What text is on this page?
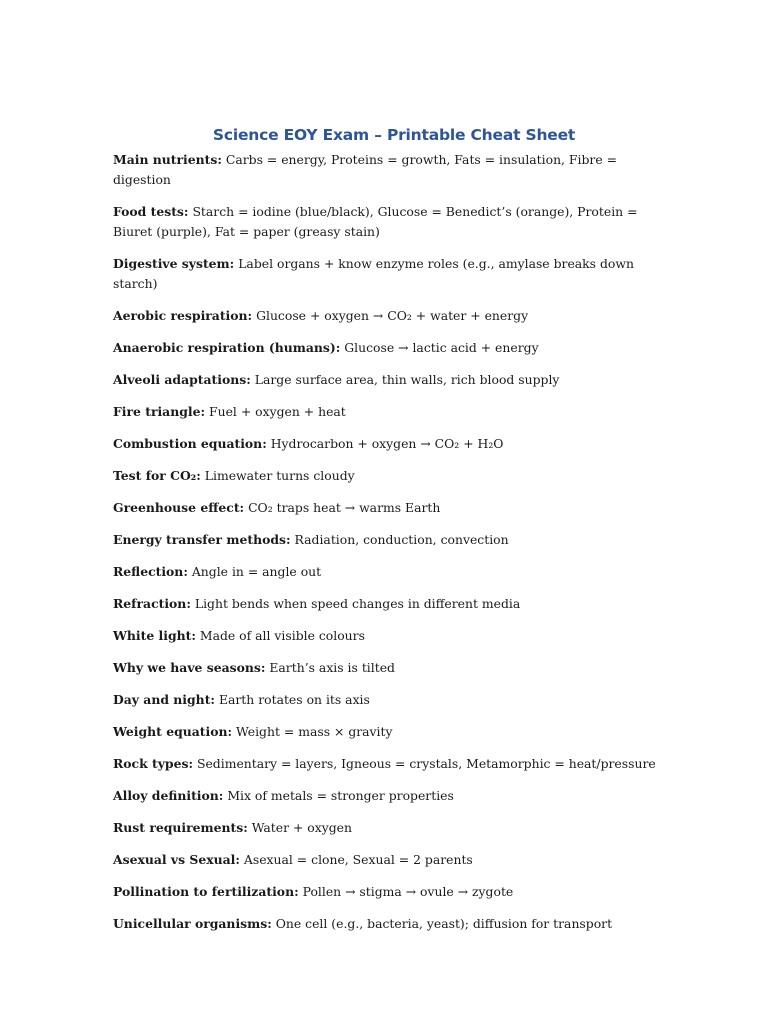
Science EOY Exam – Printable Cheat Sheet

Main nutrients: Carbs = energy, Proteins = growth, Fats = insulation, Fibre = digestion

Food tests: Starch = iodine (blue/black), Glucose = Benedict’s (orange), Protein = Biuret (purple), Fat = paper (greasy stain)

Digestive system: Label organs + know enzyme roles (e.g., amylase breaks down starch)

Aerobic respiration: Glucose + oxygen → CO₂ + water + energy

Anaerobic respiration (humans): Glucose → lactic acid + energy

Alveoli adaptations: Large surface area, thin walls, rich blood supply

Fire triangle: Fuel + oxygen + heat

Combustion equation: Hydrocarbon + oxygen → CO₂ + H₂O

Test for CO₂: Limewater turns cloudy

Greenhouse effect: CO₂ traps heat → warms Earth

Energy transfer methods: Radiation, conduction, convection

Reflection: Angle in = angle out

Refraction: Light bends when speed changes in different media

White light: Made of all visible colours

Why we have seasons: Earth’s axis is tilted

Day and night: Earth rotates on its axis

Weight equation: Weight = mass × gravity

Rock types: Sedimentary = layers, Igneous = crystals, Metamorphic = heat/pressure

Alloy definition: Mix of metals = stronger properties

Rust requirements: Water + oxygen

Asexual vs Sexual: Asexual = clone, Sexual = 2 parents

Pollination to fertilization: Pollen → stigma → ovule → zygote

Unicellular organisms: One cell (e.g., bacteria, yeast); diffusion for transport
